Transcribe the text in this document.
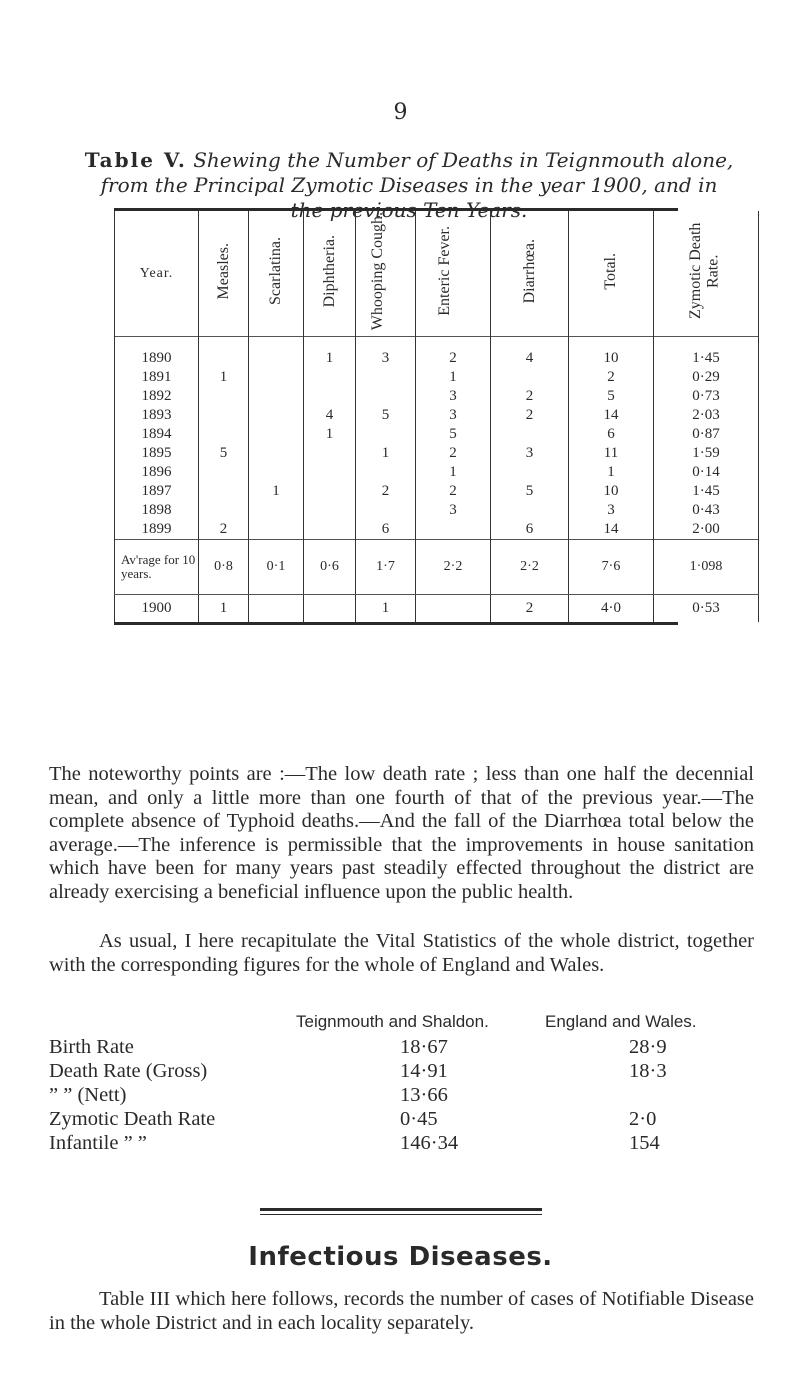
9
Table V. Shewing the Number of Deaths in Teignmouth alone, from the Principal Zymotic Diseases in the year 1900, and in the previous Ten Years.
Year.	Measles.	Scarlatina.	Diphtheria.	Whooping Cough.	Enteric Fever.	Diarrhœa.	Total.	Zymotic Death Rate.
1890			1	3	2	4	10	1·45
1891	1				1		2	0·29
1892					3	2	5	0·73
1893			4	5	3	2	14	2·03
1894			1		5		6	0·87
1895	5			1	2	3	11	1·59
1896					1		1	0·14
1897		1		2	2	5	10	1·45
1898					3		3	0·43
1899	2			6		6	14	2·00
Av'rage for 10 years.	0·8	0·1	0·6	1·7	2·2	2·2	7·6	1·098
1900	1			1		2	4·0	0·53
The noteworthy points are :—The low death rate ; less than one half the decennial mean, and only a little more than one fourth of that of the previous year.—The complete absence of Typhoid deaths.—And the fall of the Diarrhœa total below the average.—The inference is permissible that the improvements in house sanitation which have been for many years past steadily effected throughout the district are already exercising a beneficial influence upon the public health.
As usual, I here recapitulate the Vital Statistics of the whole district, together with the corresponding figures for the whole of England and Wales.
Teignmouth and Shaldon.	England and Wales.
Birth Rate	18·67	28·9
Death Rate (Gross)	14·91	18·3
” ” (Nett)	13·66
Zymotic Death Rate	0·45	2·0
Infantile ” ”	146·34	154
Infectious Diseases.
Table III which here follows, records the number of cases of Notifiable Disease in the whole District and in each locality separately.
